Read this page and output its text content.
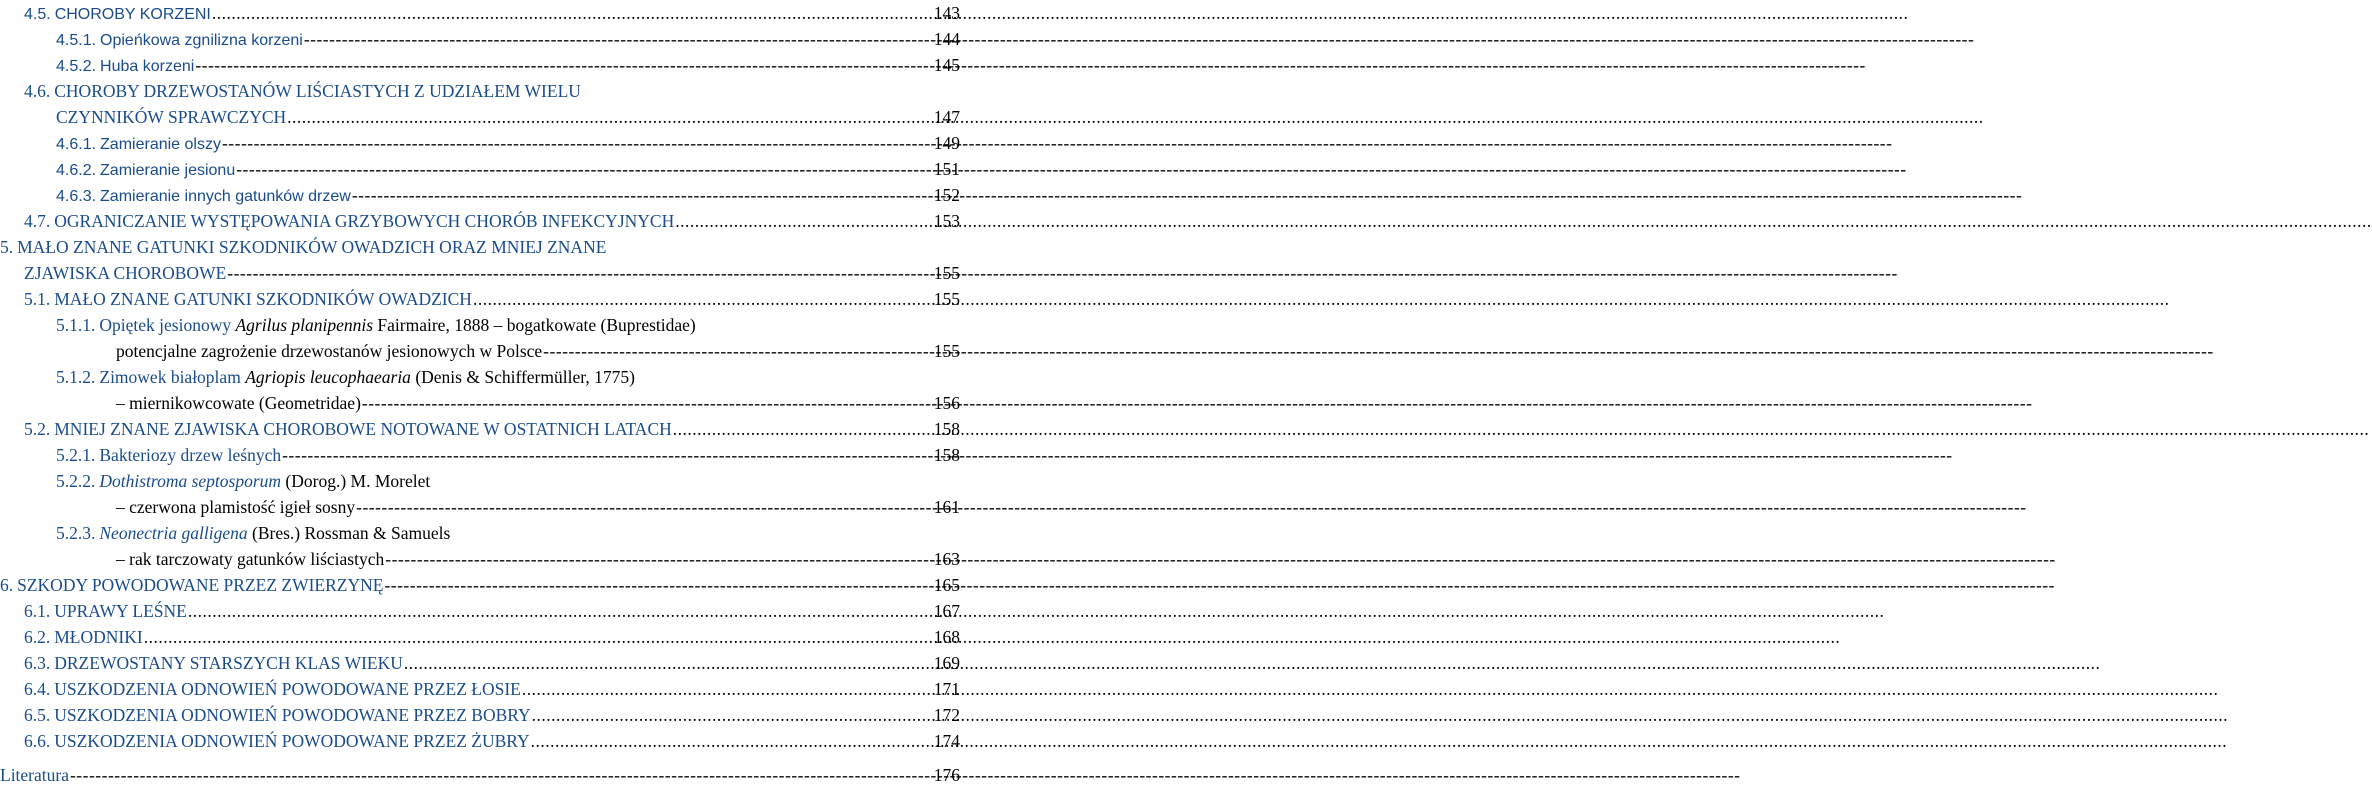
4.5. CHOROBY KORZENI .....	143
4.5.1. Opieńkowa zgnilizna korzeni -----	144
4.5.2. Huba korzeni -----	145
4.6. CHOROBY DRZEWOSTANÓW LIŚCIASTYCH Z UDZIAŁEM WIELU
CZYNNIKÓW SPRAWCZYCH .....	147
4.6.1. Zamieranie olszy -----	149
4.6.2. Zamieranie jesionu -----	151
4.6.3. Zamieranie innych gatunków drzew -----	152
4.7. OGRANICZANIE WYSTĘPOWANIA GRZYBOWYCH CHORÓB INFEKCYJNYCH .....	153
5. MAŁO ZNANE GATUNKI SZKODNIKÓW OWADZICH ORAZ MNIEJ ZNANE
ZJAWISKA CHOROBOWE -----	155
5.1. MAŁO ZNANE GATUNKI SZKODNIKÓW OWADZICH .....	155
5.1.1. Opiętek jesionowy Agrilus planipennis Fairmaire, 1888 – bogatkowate (Buprestidae)
potencjalne zagrożenie drzewostanów jesionowych w Polsce -----	155
5.1.2. Zimowek białoplam Agriopis leucophaearia (Denis & Schiffermüller, 1775)
– miernikowcowate (Geometridae) -----	156
5.2. MNIEJ ZNANE ZJAWISKA CHOROBOWE NOTOWANE W OSTATNICH LATACH .....	158
5.2.1. Bakteriozy drzew leśnych -----	158
5.2.2. Dothistroma septosporum (Dorog.) M. Morelet
– czerwona plamistość igieł sosny -----	161
5.2.3. Neonectria galligena (Bres.) Rossman & Samuels
– rak tarczowaty gatunków liściastych -----	163
6. SZKODY POWODOWANE PRZEZ ZWIERZYNĘ -----	165
6.1. UPRAWY LEŚNE .....	167
6.2. MŁODNIKI .....	168
6.3. DRZEWOSTANY STARSZYCH KLAS WIEKU .....	169
6.4. USZKODZENIA ODNOWIEŃ POWODOWANE PRZEZ ŁOSIE .....	171
6.5. USZKODZENIA ODNOWIEŃ POWODOWANE PRZEZ BOBRY .....	172
6.6. USZKODZENIA ODNOWIEŃ POWODOWANE PRZEZ ŻUBRY .....	174
Literatura -----	176
